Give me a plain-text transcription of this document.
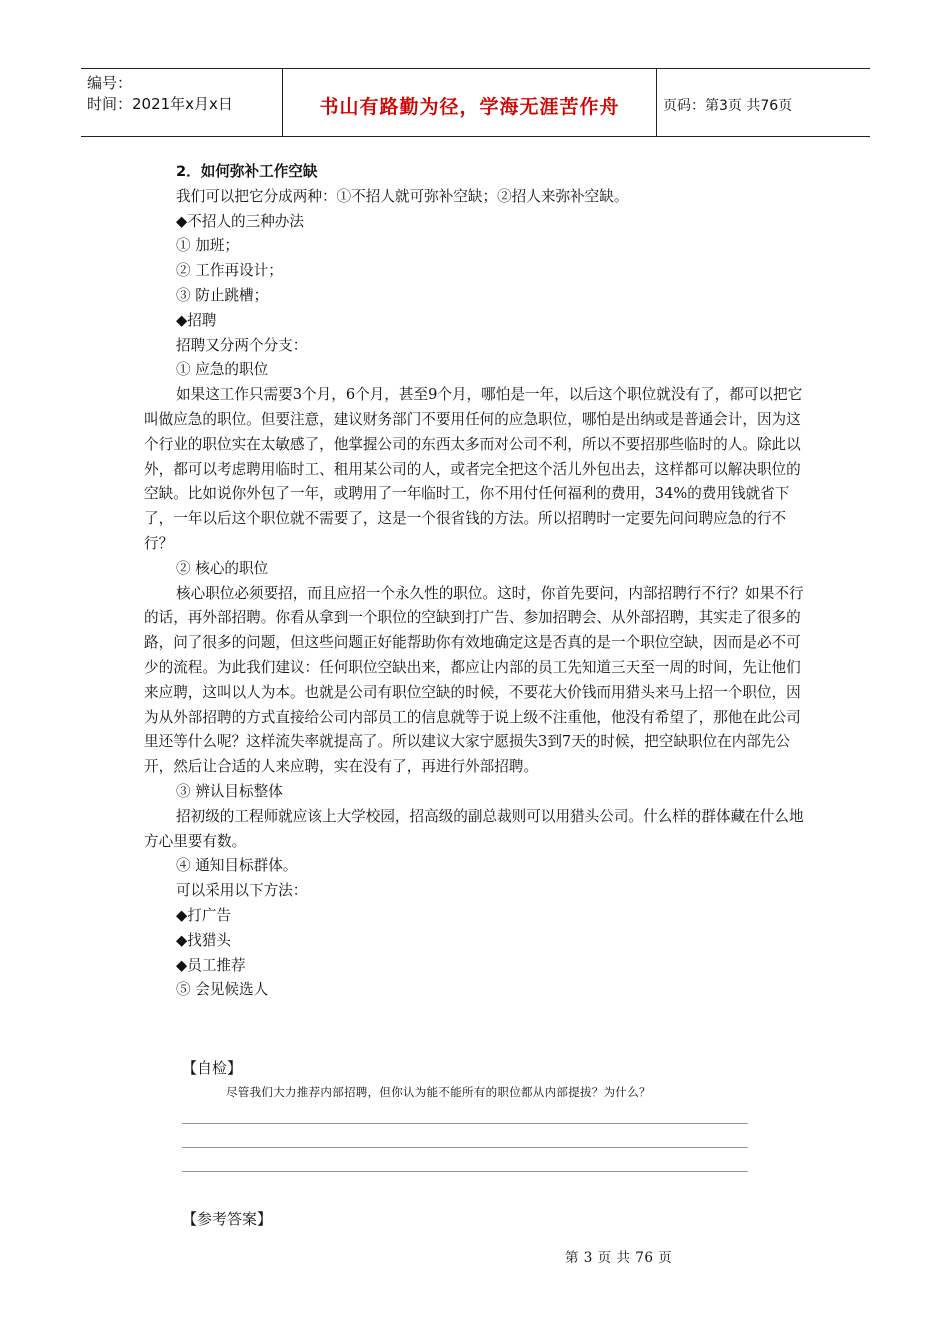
编号：
时间：2021年x月x日	书山有路勤为径，学海无涯苦作舟	页码：第3页 共76页

2．如何弥补工作空缺

我们可以把它分成两种：①不招人就可弥补空缺；②招人来弥补空缺。

◆不招人的三种办法

① 加班；

② 工作再设计；

③ 防止跳槽；

◆招聘

招聘又分两个分支：

① 应急的职位

如果这工作只需要3个月，6个月，甚至9个月，哪怕是一年，以后这个职位就没有了，都可以把它叫做应急的职位。但要注意，建议财务部门不要用任何的应急职位，哪怕是出纳或是普通会计，因为这个行业的职位实在太敏感了，他掌握公司的东西太多而对公司不利，所以不要招那些临时的人。除此以外，都可以考虑聘用临时工、租用某公司的人，或者完全把这个活儿外包出去，这样都可以解决职位的空缺。比如说你外包了一年，或聘用了一年临时工，你不用付任何福利的费用，34%的费用钱就省下了，一年以后这个职位就不需要了，这是一个很省钱的方法。所以招聘时一定要先问问聘应急的行不行？

② 核心的职位

核心职位必须要招，而且应招一个永久性的职位。这时，你首先要问，内部招聘行不行？如果不行的话，再外部招聘。你看从拿到一个职位的空缺到打广告、参加招聘会、从外部招聘，其实走了很多的路，问了很多的问题，但这些问题正好能帮助你有效地确定这是否真的是一个职位空缺，因而是必不可少的流程。为此我们建议：任何职位空缺出来，都应让内部的员工先知道三天至一周的时间，先让他们来应聘，这叫以人为本。也就是公司有职位空缺的时候，不要花大价钱而用猎头来马上招一个职位，因为从外部招聘的方式直接给公司内部员工的信息就等于说上级不注重他，他没有希望了，那他在此公司里还等什么呢？这样流失率就提高了。所以建议大家宁愿损失3到7天的时候，把空缺职位在内部先公开，然后让合适的人来应聘，实在没有了，再进行外部招聘。

③ 辨认目标整体

招初级的工程师就应该上大学校园，招高级的副总裁则可以用猎头公司。什么样的群体藏在什么地方心里要有数。

④ 通知目标群体。

可以采用以下方法：

◆打广告

◆找猎头

◆员工推荐

⑤ 会见候选人

【自检】
尽管我们大力推荐内部招聘，但你认为能不能所有的职位都从内部提拔？为什么？
【参考答案】
第 3 页 共 76 页
